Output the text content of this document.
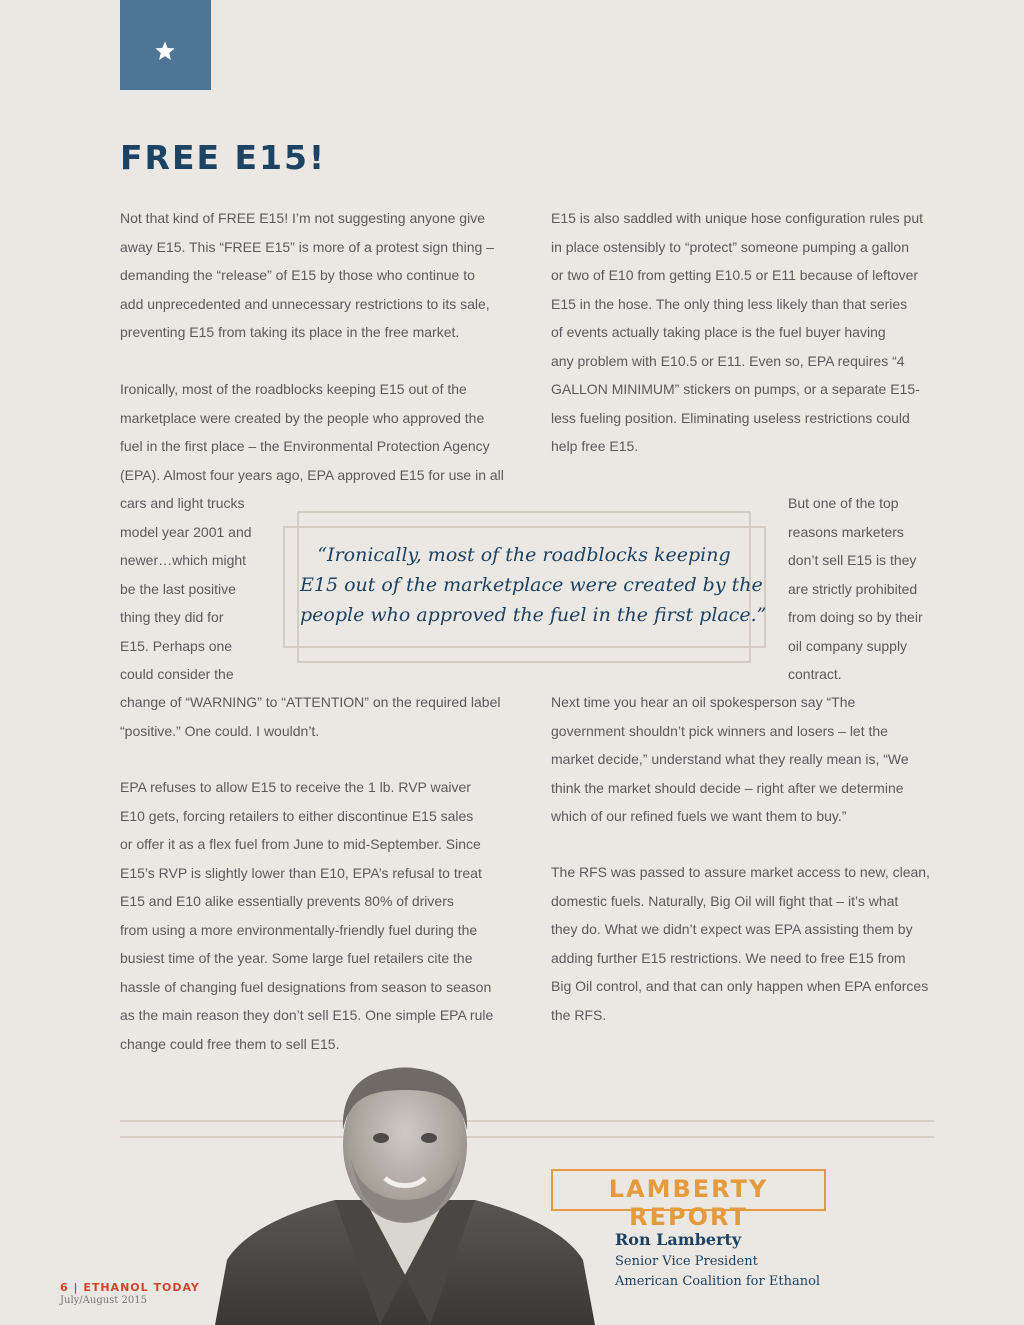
FREE E15!
Not that kind of FREE E15! I’m not suggesting anyone give
away E15. This “FREE E15” is more of a protest sign thing –
demanding the “release” of E15 by those who continue to
add unprecedented and unnecessary restrictions to its sale,
preventing E15 from taking its place in the free market.
Ironically, most of the roadblocks keeping E15 out of the
marketplace were created by the people who approved the
fuel in the first place – the Environmental Protection Agency
(EPA). Almost four years ago, EPA approved E15 for use in all
cars and light trucks
model year 2001 and
newer…which might
be the last positive
thing they did for
E15. Perhaps one
could consider the
change of “WARNING” to “ATTENTION” on the required label
“positive.” One could. I wouldn’t.
EPA refuses to allow E15 to receive the 1 lb. RVP waiver
E10 gets, forcing retailers to either discontinue E15 sales
or offer it as a flex fuel from June to mid-September. Since
E15’s RVP is slightly lower than E10, EPA’s refusal to treat
E15 and E10 alike essentially prevents 80% of drivers
from using a more environmentally-friendly fuel during the
busiest time of the year. Some large fuel retailers cite the
hassle of changing fuel designations from season to season
as the main reason they don’t sell E15. One simple EPA rule
change could free them to sell E15.
E15 is also saddled with unique hose configuration rules put
in place ostensibly to “protect” someone pumping a gallon
or two of E10 from getting E10.5 or E11 because of leftover
E15 in the hose. The only thing less likely than that series
of events actually taking place is the fuel buyer having
any problem with E10.5 or E11. Even so, EPA requires “4
GALLON MINIMUM” stickers on pumps, or a separate E15-
less fueling position. Eliminating useless restrictions could
help free E15.
But one of the top
reasons marketers
don’t sell E15 is they
are strictly prohibited
from doing so by their
oil company supply
contract.
Next time you hear an oil spokesperson say “The
government shouldn’t pick winners and losers – let the
market decide,” understand what they really mean is, “We
think the market should decide – right after we determine
which of our refined fuels we want them to buy.”
The RFS was passed to assure market access to new, clean,
domestic fuels. Naturally, Big Oil will fight that – it’s what
they do. What we didn’t expect was EPA assisting them by
adding further E15 restrictions. We need to free E15 from
Big Oil control, and that can only happen when EPA enforces
the RFS.
“Ironically, most of the roadblocks keeping
E15 out of the marketplace were created by the
people who approved the fuel in the first place.”

LAMBERTY REPORT

Ron Lamberty

Senior Vice President

American Coalition for Ethanol

6 | ETHANOL TODAY

July/August 2015
